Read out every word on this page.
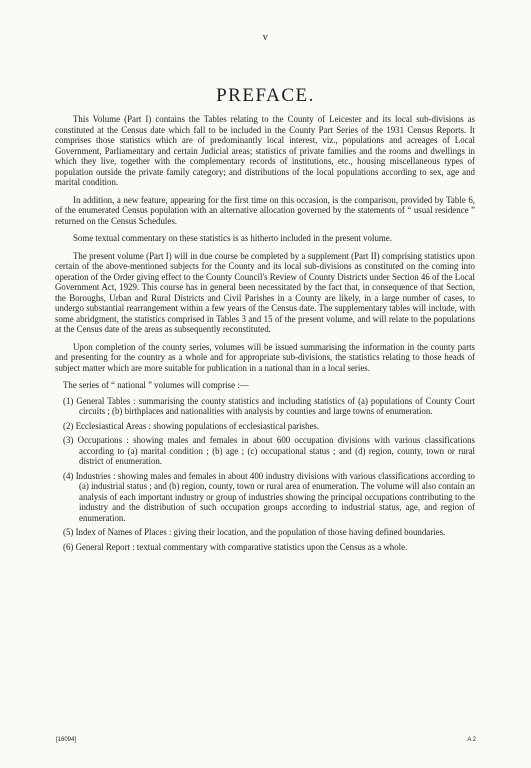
v
PREFACE.

This Volume (Part I) contains the Tables relating to the County of Leicester and its local sub-divisions as constituted at the Census date which fall to be included in the County Part Series of the 1931 Census Reports. It comprises those statistics which are of predominantly local interest, viz., populations and acreages of Local Government, Parliamentary and certain Judicial areas; statistics of private families and the rooms and dwellings in which they live, together with the complementary records of institutions, etc., housing miscellaneous types of population outside the private family category; and distributions of the local populations according to sex, age and marital condition.

In addition, a new feature, appearing for the first time on this occasion, is the comparison, provided by Table 6, of the enumerated Census population with an alternative allocation governed by the statements of “ usual residence ” returned on the Census Schedules.

Some textual commentary on these statistics is as hitherto included in the present volume.

The present volume (Part I) will in due course be completed by a supplement (Part II) comprising statistics upon certain of the above-mentioned subjects for the County and its local sub-divisions as constituted on the coming into operation of the Order giving effect to the County Council's Review of County Districts under Section 46 of the Local Government Act, 1929. This course has in general been necessitated by the fact that, in consequence of that Section, the Boroughs, Urban and Rural Districts and Civil Parishes in a County are likely, in a large number of cases, to undergo substantial rearrangement within a few years of the Census date. The supplementary tables will include, with some abridgment, the statistics comprised in Tables 3 and 15 of the present volume, and will relate to the populations at the Census date of the areas as subsequently reconstituted.

Upon completion of the county series, volumes will be issued summarising the information in the county parts and presenting for the country as a whole and for appropriate sub-divisions, the statistics relating to those heads of subject matter which are more suitable for publication in a national than in a local series.

The series of “ national ” volumes will comprise :—

(1) General Tables : summarising the county statistics and including statistics of (a) populations of County Court circuits ; (b) birthplaces and nationalities with analysis by counties and large towns of enumeration.

(2) Ecclesiastical Areas : showing populations of ecclesiastical parishes.

(3) Occupations : showing males and females in about 600 occupation divisions with various classifications according to (a) marital condition ; (b) age ; (c) occupational status ; and (d) region, county, town or rural district of enumeration.

(4) Industries : showing males and females in about 400 industry divisions with various classifications according to (a) industrial status ; and (b) region, county, town or rural area of enumeration. The volume will also contain an analysis of each important industry or group of industries showing the principal occupations contributing to the industry and the distribution of such occupation groups according to industrial status, age, and region of enumeration.

(5) Index of Names of Places : giving their location, and the population of those having defined boundaries.

(6) General Report : textual commentary with comparative statistics upon the Census as a whole.

[16094]	A 2
